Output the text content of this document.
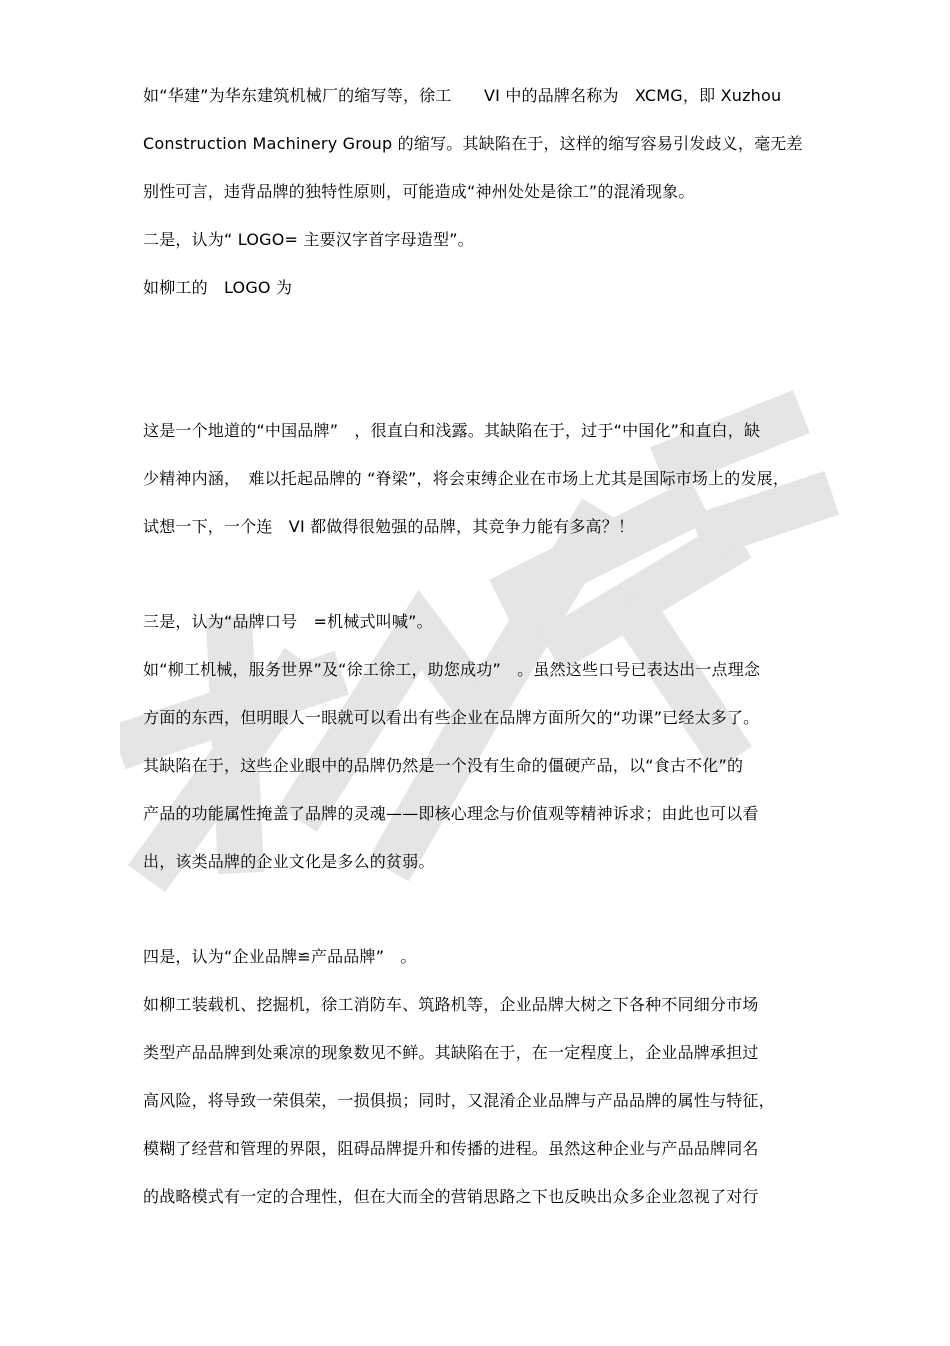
如“华建”为华东建筑机械厂的缩写等，徐工　　VI 中的品牌名称为　XCMG，即 Xuzhou
Construction Machinery Group 的缩写。其缺陷在于，这样的缩写容易引发歧义，毫无差
别性可言，违背品牌的独特性原则，可能造成“神州处处是徐工”的混淆现象。
二是，认为“ LOGO= 主要汉字首字母造型”。
如柳工的　LOGO 为
这是一个地道的“中国品牌”　，很直白和浅露。其缺陷在于，过于“中国化”和直白，缺
少精神内涵，　难以托起品牌的 “脊梁”，将会束缚企业在市场上尤其是国际市场上的发展，
试想一下，一个连　VI 都做得很勉强的品牌，其竞争力能有多高？！
三是，认为“品牌口号　=机械式叫喊”。
如“柳工机械，服务世界”及“徐工徐工，助您成功”　。虽然这些口号已表达出一点理念
方面的东西，但明眼人一眼就可以看出有些企业在品牌方面所欠的“功课”已经太多了。
其缺陷在于，这些企业眼中的品牌仍然是一个没有生命的僵硬产品，以“食古不化”的
产品的功能属性掩盖了品牌的灵魂——即核心理念与价值观等精神诉求；由此也可以看
出，该类品牌的企业文化是多么的贫弱。
四是，认为“企业品牌≌产品品牌”　。
如柳工装载机、挖掘机，徐工消防车、筑路机等，企业品牌大树之下各种不同细分市场
类型产品品牌到处乘凉的现象数见不鲜。其缺陷在于，在一定程度上，企业品牌承担过
高风险，将导致一荣俱荣，一损俱损；同时，又混淆企业品牌与产品品牌的属性与特征，
模糊了经营和管理的界限，阻碍品牌提升和传播的进程。虽然这种企业与产品品牌同名
的战略模式有一定的合理性，但在大而全的营销思路之下也反映出众多企业忽视了对行
